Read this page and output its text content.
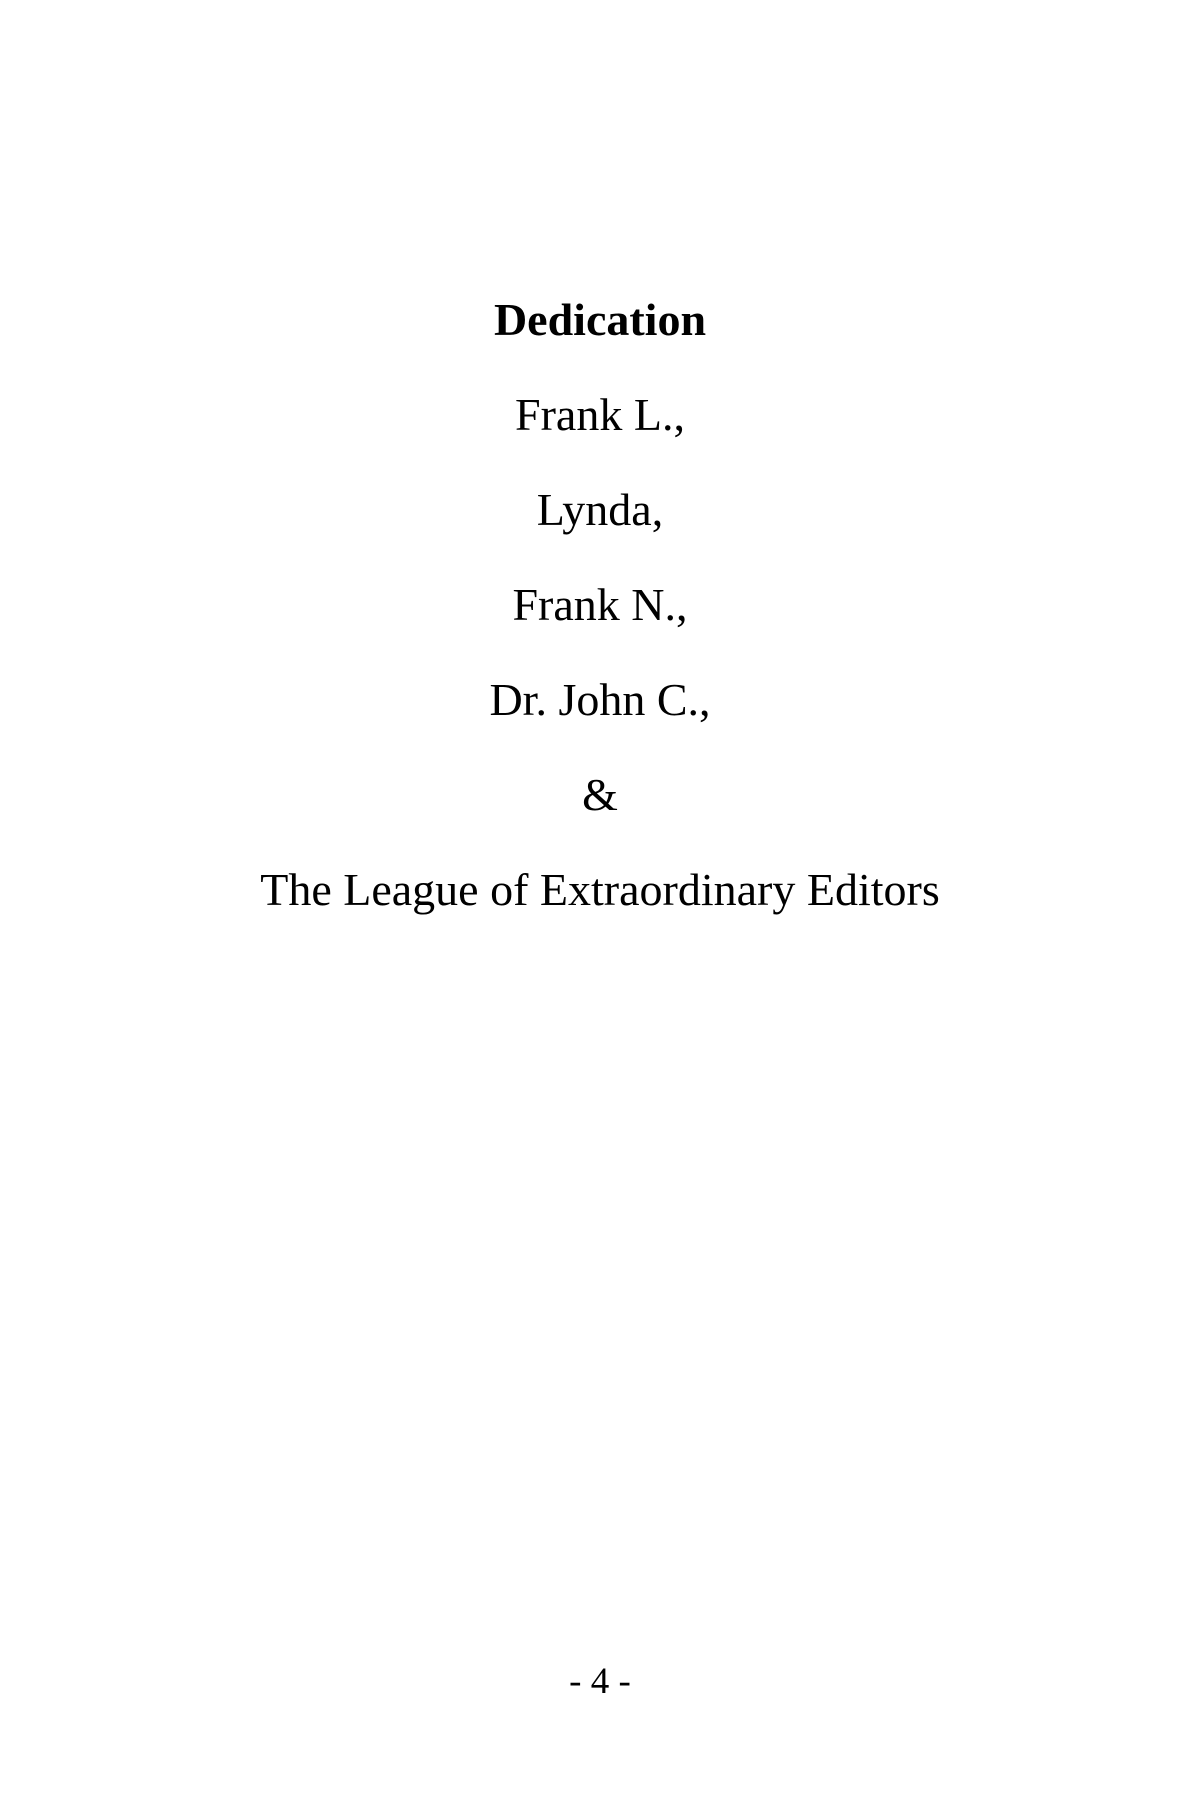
Dedication
Frank L.,
Lynda,
Frank N.,
Dr. John C.,
&
The League of Extraordinary Editors
- 4 -
